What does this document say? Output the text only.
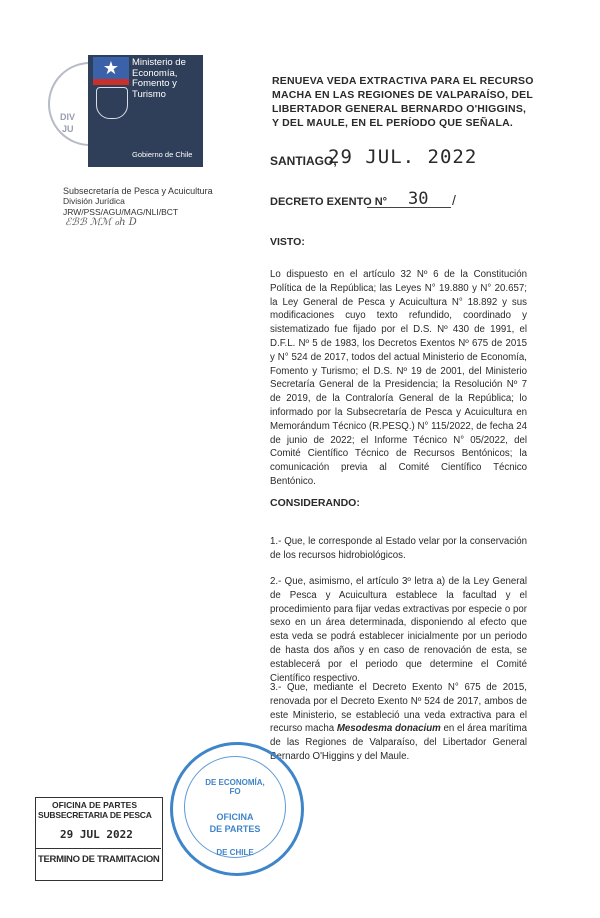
DIV
JU
★ Ministerio de
Economía,
Fomento y
Turismo
Gobierno de Chile
Subsecretaría de Pesca y Acuicultura
División Jurídica
JRW/PSS/AGU/MAG/NLI/BCT
ℰℬℬ ℳℳ ℴℎ D
RENUEVA VEDA EXTRACTIVA PARA EL RECURSO MACHA EN LAS REGIONES DE VALPARAÍSO, DEL LIBERTADOR GENERAL BERNARDO O'HIGGINS, Y DEL MAULE, EN EL PERÍODO QUE SEÑALA.
SANTIAGO,
29 JUL. 2022
DECRETO EXENTO N° 30 /
VISTO:
Lo dispuesto en el artículo 32 Nº 6 de la Constitución Política de la República; las Leyes N° 19.880 y N° 20.657; la Ley General de Pesca y Acuicultura N° 18.892 y sus modificaciones cuyo texto refundido, coordinado y sistematizado fue fijado por el D.S. Nº 430 de 1991, el D.F.L. Nº 5 de 1983, los Decretos Exentos Nº 675 de 2015 y N° 524 de 2017, todos del actual Ministerio de Economía, Fomento y Turismo; el D.S. Nº 19 de 2001, del Ministerio Secretaría General de la Presidencia; la Resolución Nº 7 de 2019, de la Contraloría General de la República; lo informado por la Subsecretaría de Pesca y Acuicultura en Memorándum Técnico (R.PESQ.) N° 115/2022, de fecha 24 de junio de 2022; el Informe Técnico N° 05/2022, del Comité Científico Técnico de Recursos Bentónicos; la comunicación previa al Comité Científico Técnico Bentónico.
CONSIDERANDO:
1.- Que, le corresponde al Estado velar por la conservación de los recursos hidrobiológicos.
2.- Que, asimismo, el artículo 3º letra a) de la Ley General de Pesca y Acuicultura establece la facultad y el procedimiento para fijar vedas extractivas por especie o por sexo en un área determinada, disponiendo al efecto que esta veda se podrá establecer inicialmente por un periodo de hasta dos años y en caso de renovación de esta, se establecerá por el periodo que determine el Comité Científico respectivo.
3.- Que, mediante el Decreto Exento N° 675 de 2015, renovada por el Decreto Exento Nº 524 de 2017, ambos de este Ministerio, se estableció una veda extractiva para el recurso macha Mesodesma donacium en el área marítima de las Regiones de Valparaíso, del Libertador General Bernardo O'Higgins y del Maule.
DE ECONOMÍA, FO
OFICINA
DE PARTES
DE CHILE
OFICINA DE PARTES
SUBSECRETARIA DE PESCA
29 JUL 2022
TERMINO DE TRAMITACION
